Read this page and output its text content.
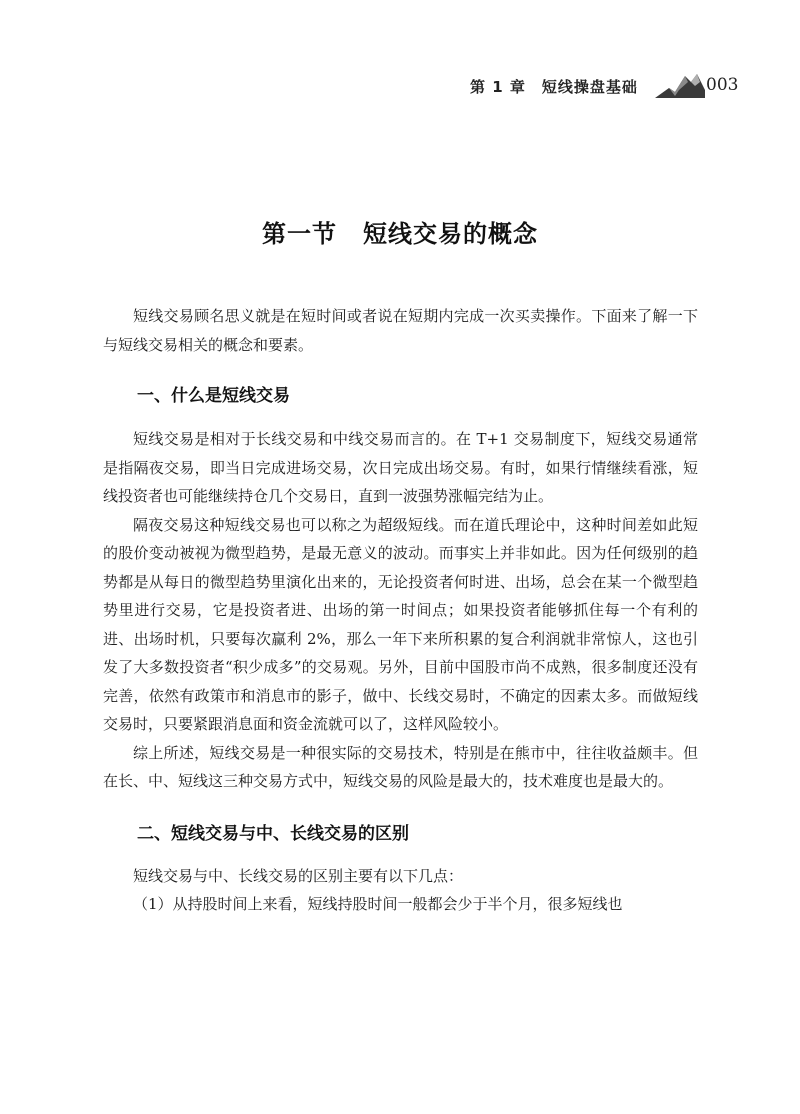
第 1 章　短线操盘基础	003
第一节 短线交易的概念

短线交易顾名思义就是在短时间或者说在短期内完成一次买卖操作。下面来了解一下与短线交易相关的概念和要素。

一、什么是短线交易

短线交易是相对于长线交易和中线交易而言的。在 T+1 交易制度下，短线交易通常是指隔夜交易，即当日完成进场交易，次日完成出场交易。有时，如果行情继续看涨，短线投资者也可能继续持仓几个交易日，直到一波强势涨幅完结为止。

隔夜交易这种短线交易也可以称之为超级短线。而在道氏理论中，这种时间差如此短的股价变动被视为微型趋势，是最无意义的波动。而事实上并非如此。因为任何级别的趋势都是从每日的微型趋势里演化出来的，无论投资者何时进、出场，总会在某一个微型趋势里进行交易，它是投资者进、出场的第一时间点；如果投资者能够抓住每一个有利的进、出场时机，只要每次赢利 2%，那么一年下来所积累的复合利润就非常惊人，这也引发了大多数投资者“积少成多”的交易观。另外，目前中国股市尚不成熟，很多制度还没有完善，依然有政策市和消息市的影子，做中、长线交易时，不确定的因素太多。而做短线交易时，只要紧跟消息面和资金流就可以了，这样风险较小。

综上所述，短线交易是一种很实际的交易技术，特别是在熊市中，往往收益颇丰。但在长、中、短线这三种交易方式中，短线交易的风险是最大的，技术难度也是最大的。

二、短线交易与中、长线交易的区别

短线交易与中、长线交易的区别主要有以下几点：

（1）从持股时间上来看，短线持股时间一般都会少于半个月，很多短线也
